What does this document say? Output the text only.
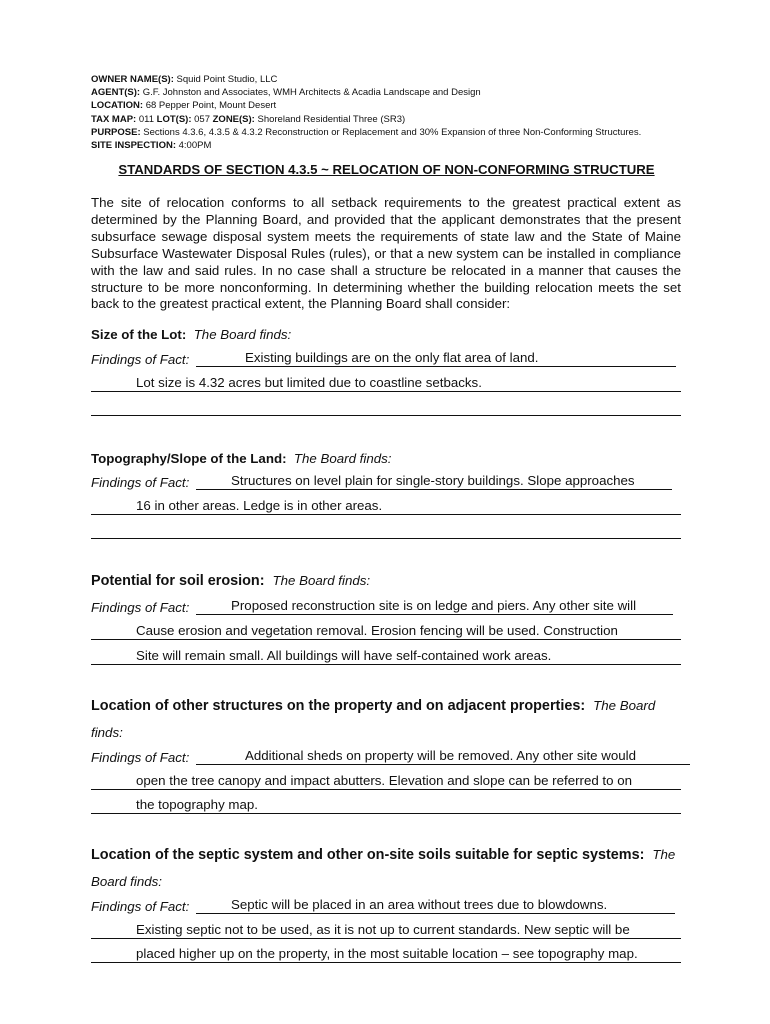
OWNER NAME(S): Squid Point Studio, LLC
AGENT(S): G.F. Johnston and Associates, WMH Architects & Acadia Landscape and Design
LOCATION: 68 Pepper Point, Mount Desert
TAX MAP: 011 LOT(S): 057 ZONE(S): Shoreland Residential Three (SR3)
PURPOSE: Sections 4.3.6, 4.3.5 & 4.3.2 Reconstruction or Replacement and 30% Expansion of three Non-Conforming Structures.
SITE INSPECTION: 4:00PM
STANDARDS OF SECTION 4.3.5 ~ RELOCATION OF NON-CONFORMING STRUCTURE
The site of relocation conforms to all setback requirements to the greatest practical extent as determined by the Planning Board, and provided that the applicant demonstrates that the present subsurface sewage disposal system meets the requirements of state law and the State of Maine Subsurface Wastewater Disposal Rules (rules), or that a new system can be installed in compliance with the law and said rules. In no case shall a structure be relocated in a manner that causes the structure to be more nonconforming. In determining whether the building relocation meets the set back to the greatest practical extent, the Planning Board shall consider:
Size of the Lot: The Board finds:
Findings of Fact:	Existing buildings are on the only flat area of land.
Lot size is 4.32 acres but limited due to coastline setbacks.
Topography/Slope of the Land: The Board finds:
Findings of Fact:	Structures on level plain for single-story buildings. Slope approaches
16 in other areas. Ledge is in other areas.
Potential for soil erosion: The Board finds:
Findings of Fact:	Proposed reconstruction site is on ledge and piers. Any other site will
Cause erosion and vegetation removal. Erosion fencing will be used. Construction
Site will remain small. All buildings will have self-contained work areas.
Location of other structures on the property and on adjacent properties: The Board
finds:
Findings of Fact:	Additional sheds on property will be removed. Any other site would
open the tree canopy and impact abutters. Elevation and slope can be referred to on
the topography map.
Location of the septic system and other on-site soils suitable for septic systems: The
Board finds:
Findings of Fact:	Septic will be placed in an area without trees due to blowdowns.
Existing septic not to be used, as it is not up to current standards. New septic will be
placed higher up on the property, in the most suitable location – see topography map.
